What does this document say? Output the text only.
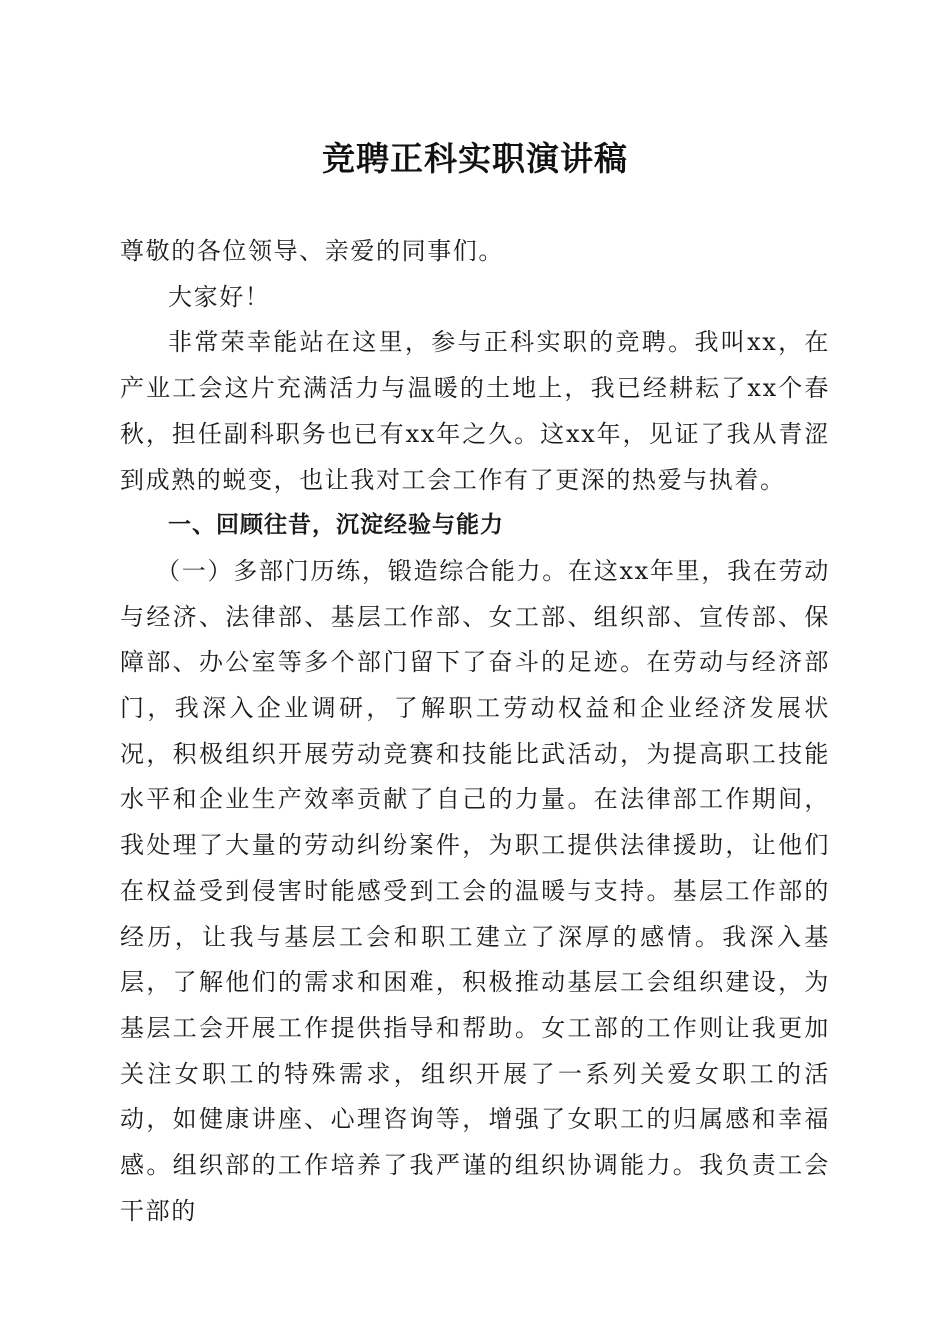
竞聘正科实职演讲稿

尊敬的各位领导、亲爱的同事们。

大家好！

非常荣幸能站在这里，参与正科实职的竞聘。我叫xx，在产业工会这片充满活力与温暖的土地上，我已经耕耘了xx个春秋，担任副科职务也已有xx年之久。这xx年，见证了我从青涩到成熟的蜕变，也让我对工会工作有了更深的热爱与执着。

一、回顾往昔，沉淀经验与能力

（一）多部门历练，锻造综合能力。在这xx年里，我在劳动与经济、法律部、基层工作部、女工部、组织部、宣传部、保障部、办公室等多个部门留下了奋斗的足迹。在劳动与经济部门，我深入企业调研，了解职工劳动权益和企业经济发展状况，积极组织开展劳动竞赛和技能比武活动，为提高职工技能水平和企业生产效率贡献了自己的力量。在法律部工作期间，我处理了大量的劳动纠纷案件，为职工提供法律援助，让他们在权益受到侵害时能感受到工会的温暖与支持。基层工作部的经历，让我与基层工会和职工建立了深厚的感情。我深入基层，了解他们的需求和困难，积极推动基层工会组织建设，为基层工会开展工作提供指导和帮助。女工部的工作则让我更加关注女职工的特殊需求，组织开展了一系列关爱女职工的活动，如健康讲座、心理咨询等，增强了女职工的归属感和幸福感。组织部的工作培养了我严谨的组织协调能力。我负责工会干部的
